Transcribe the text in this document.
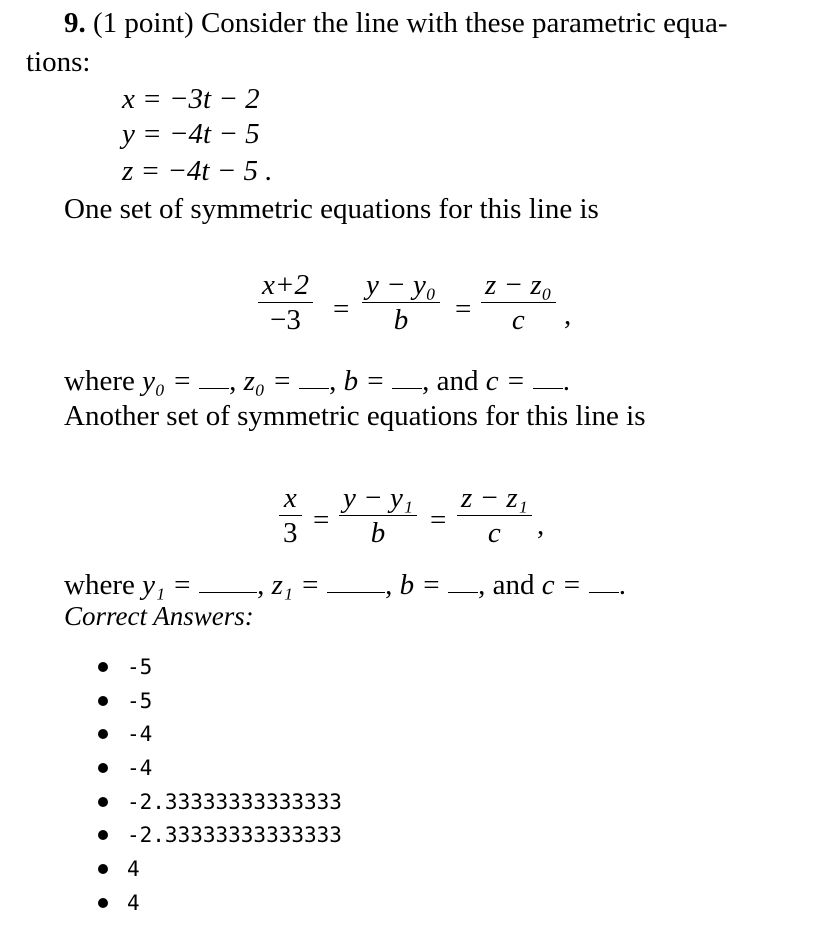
9. (1 point) Consider the line with these parametric equa-
tions:
x = −3t − 2
y = −4t − 5
z = −4t − 5 .
One set of symmetric equations for this line is
x+2
−3 =
y − y₀
b =
z − z₀
c ,
where y₀ = , z₀ = , b = , and c = .
Another set of symmetric equations for this line is
x
3 =
y − y₁
b =
z − z₁
c ,
where y₁ = , z₁ = , b = , and c = .
Correct Answers:
-5
-5
-4
-4
-2.33333333333333
-2.33333333333333
4
4
